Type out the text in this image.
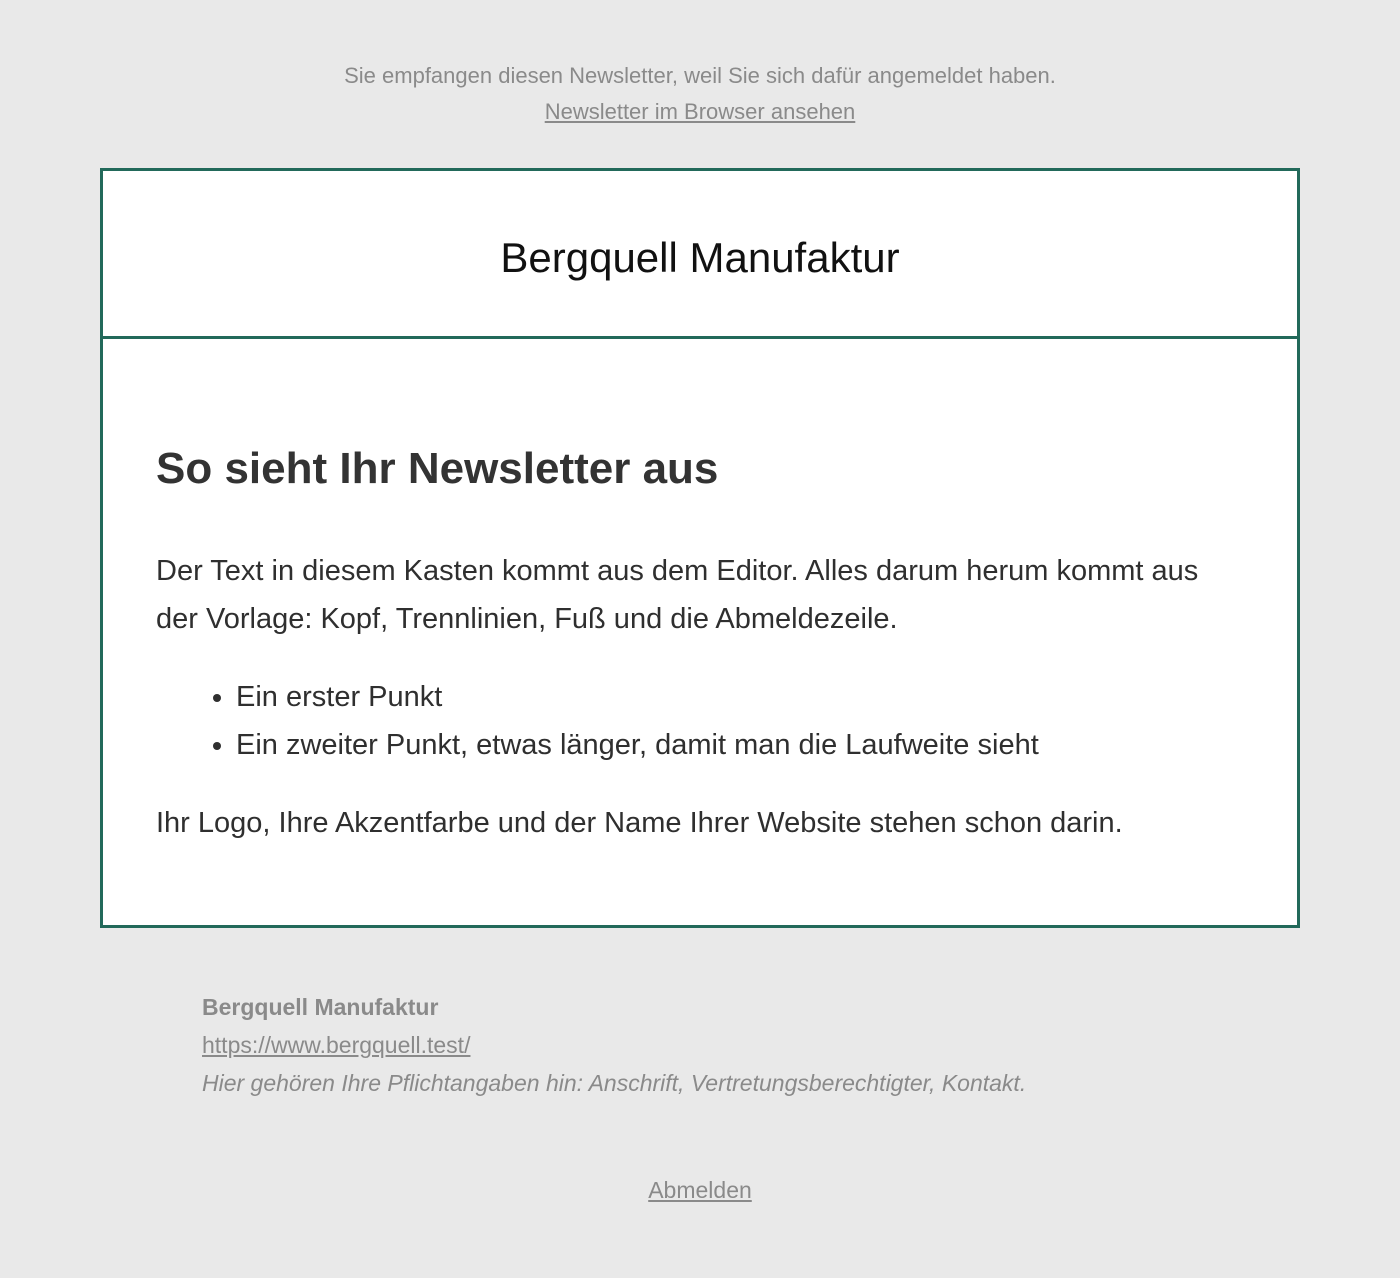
Sie empfangen diesen Newsletter, weil Sie sich dafür angemeldet haben.
Newsletter im Browser ansehen
Bergquell Manufaktur
So sieht Ihr Newsletter aus

Der Text in diesem Kasten kommt aus dem Editor. Alles darum herum kommt aus der Vorlage: Kopf, Trennlinien, Fuß und die Abmeldezeile.

• Ein erster Punkt
• Ein zweiter Punkt, etwas länger, damit man die Laufweite sieht

Ihr Logo, Ihre Akzentfarbe und der Name Ihrer Website stehen schon darin.

Bergquell Manufaktur
https://www.bergquell.test/
Hier gehören Ihre Pflichtangaben hin: Anschrift, Vertretungsberechtigter, Kontakt.
Abmelden
